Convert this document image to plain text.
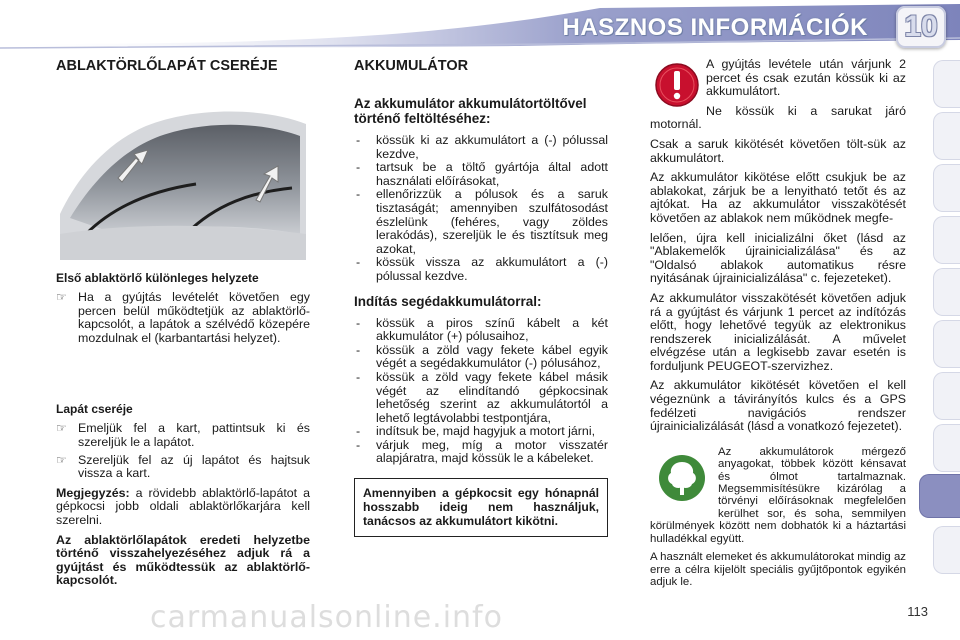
HASZNOS INFORMÁCIÓK 10
ABLAKTÖRLŐLAPÁT CSERÉJE
Első ablaktörlő különleges helyzete
☞ Ha a gyújtás levételét követően egy percen belül működtetjük az ablaktörlő-kapcsolót, a lapátok a szélvédő közepére mozdulnak el (karbantartási helyzet).
Lapát cseréje
☞ Emeljük fel a kart, pattintsuk ki és szereljük le a lapátot.
☞ Szereljük fel az új lapátot és hajtsuk vissza a kart.

Megjegyzés: a rövidebb ablaktörlő-lapátot a gépkocsi jobb oldali ablaktörlőkarjára kell szerelni.

Az ablaktörlőlapátok eredeti helyzetbe történő visszahelyezéséhez adjuk rá a gyújtást és működtessük az ablaktörlő-kapcsolót.

AKKUMULÁTOR
Az akkumulátor akkumulátortöltővel történő feltöltéséhez:
- kössük ki az akkumulátort a (-) pólussal kezdve,
- tartsuk be a töltő gyártója által adott használati előírásokat,
- ellenőrizzük a pólusok és a saruk tisztaságát; amennyiben szulfátosodást észlelünk (fehéres, vagy zöldes lerakódás), szereljük le és tisztítsuk meg azokat,
- kössük vissza az akkumulátort a (-) pólussal kezdve.
Indítás segédakkumulátorral:
- kössük a piros színű kábelt a két akkumulátor (+) pólusaihoz,
- kössük a zöld vagy fekete kábel egyik végét a segédakkumulátor (-) pólusához,
- kössük a zöld vagy fekete kábel másik végét az elindítandó gépkocsinak lehetőség szerint az akkumulátortól a lehető legtávolabbi testpontjára,
- indítsuk be, majd hagyjuk a motort járni,
- várjuk meg, míg a motor visszatér alapjáratra, majd kössük le a kábeleket.

Amennyiben a gépkocsit egy hónapnál hosszabb ideig nem használjuk, tanácsos az akkumulátort kikötni.

A gyújtás levétele után várjunk 2 percet és csak ezután kössük ki az akkumulátort.

Ne kössük ki a sarukat járó motornál.

Csak a saruk kikötését követően tölt-sük az akkumulátort.

Az akkumulátor kikötése előtt csukjuk be az ablakokat, zárjuk be a lenyitható tetőt és az ajtókat. Ha az akkumulátor visszakötését követően az ablakok nem működnek megfe-

lelően, újra kell inicializálni őket (lásd az "Ablakemelők újrainicializálása" és az "Oldalsó ablakok automatikus résre nyitásának újrainicializálása" c. fejezeteket).

Az akkumulátor visszakötését követően adjuk rá a gyújtást és várjunk 1 percet az indítózás előtt, hogy lehetővé tegyük az elektronikus rendszerek inicializálását. A művelet elvégzése után a legkisebb zavar esetén is forduljunk PEUGEOT-szervizhez.

Az akkumulátor kikötését követően el kell végeznünk a távirányítós kulcs és a GPS fedélzeti navigációs rendszer újrainicializálását (lásd a vonatkozó fejezetet).

Az akkumulátorok mérgező anyagokat, többek között kénsavat és ólmot tartalmaznak. Megsemmisítésükre kizárólag a törvényi előírásoknak megfelelően kerülhet sor, és soha, semmilyen körülmények között nem dobhatók ki a háztartási hulladékkal együtt.

A használt elemeket és akkumulátorokat mindig az erre a célra kijelölt speciális gyűjtőpontok egyikén adjuk le.

carmanualsonline.info	113
